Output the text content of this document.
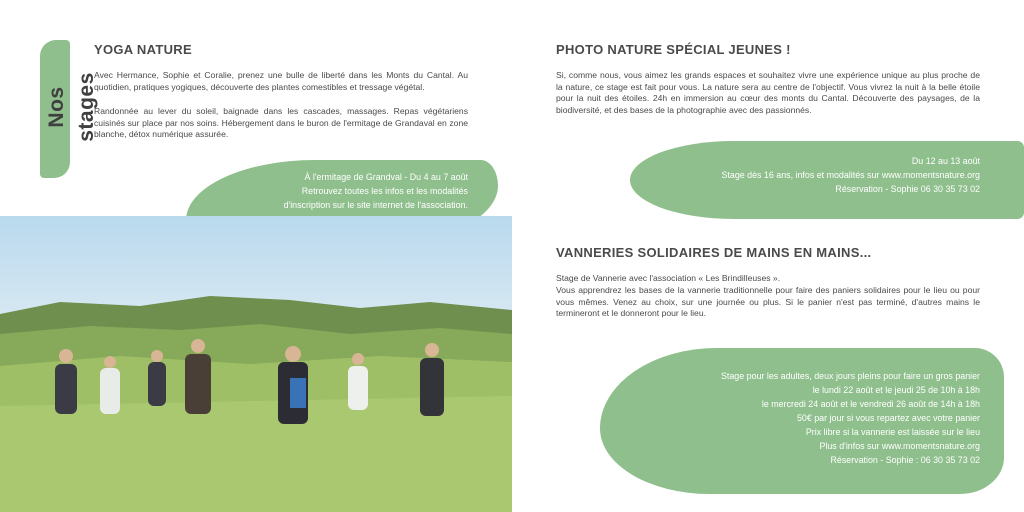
Nos stages
YOGA NATURE

Avec Hermance, Sophie et Coralie, prenez une bulle de liberté dans les Monts du Cantal. Au quotidien, pratiques yogiques, découverte des plantes comestibles et tressage végétal.

Randonnée au lever du soleil, baignade dans les cascades, massages. Repas végétariens cuisinés sur place par nos soins. Hébergement dans le buron de l'ermitage de Grandaval en zone blanche, détox numérique assurée.

À l'ermitage de Grandval - Du 4 au 7 août

Retrouvez toutes les infos et les modalités

d'inscription sur le site internet de l'association.

PHOTO NATURE SPÉCIAL JEUNES !

Si, comme nous, vous aimez les grands espaces et souhaitez vivre une expérience unique au plus proche de la nature, ce stage est fait pour vous. La nature sera au centre de l'objectif. Vous vivrez la nuit à la belle étoile pour la nuit des étoiles. 24h en immersion au cœur des monts du Cantal. Découverte des paysages, de la biodiversité, et des bases de la photographie avec des passionnés.

Du 12 au 13 août

Stage dès 16 ans, infos et modalités sur www.momentsnature.org

Réservation - Sophie 06 30 35 73 02

VANNERIES SOLIDAIRES DE MAINS EN MAINS...

Stage de Vannerie avec l'association « Les Brindilleuses ».

Vous apprendrez les bases de la vannerie traditionnelle pour faire des paniers solidaires pour le lieu ou pour vous mêmes. Venez au choix, sur une journée ou plus. Si le panier n'est pas terminé, d'autres mains le termineront et le donneront pour le lieu.

Stage pour les adultes, deux jours pleins pour faire un gros panier

le lundi 22 août et le jeudi 25 de 10h à 18h

le mercredi 24 août et le vendredi 26 août de 14h à 18h

50€ par jour si vous repartez avec votre panier

Prix libre si la vannerie est laissée sur le lieu

Plus d'infos sur www.momentsnature.org

Réservation - Sophie : 06 30 35 73 02
